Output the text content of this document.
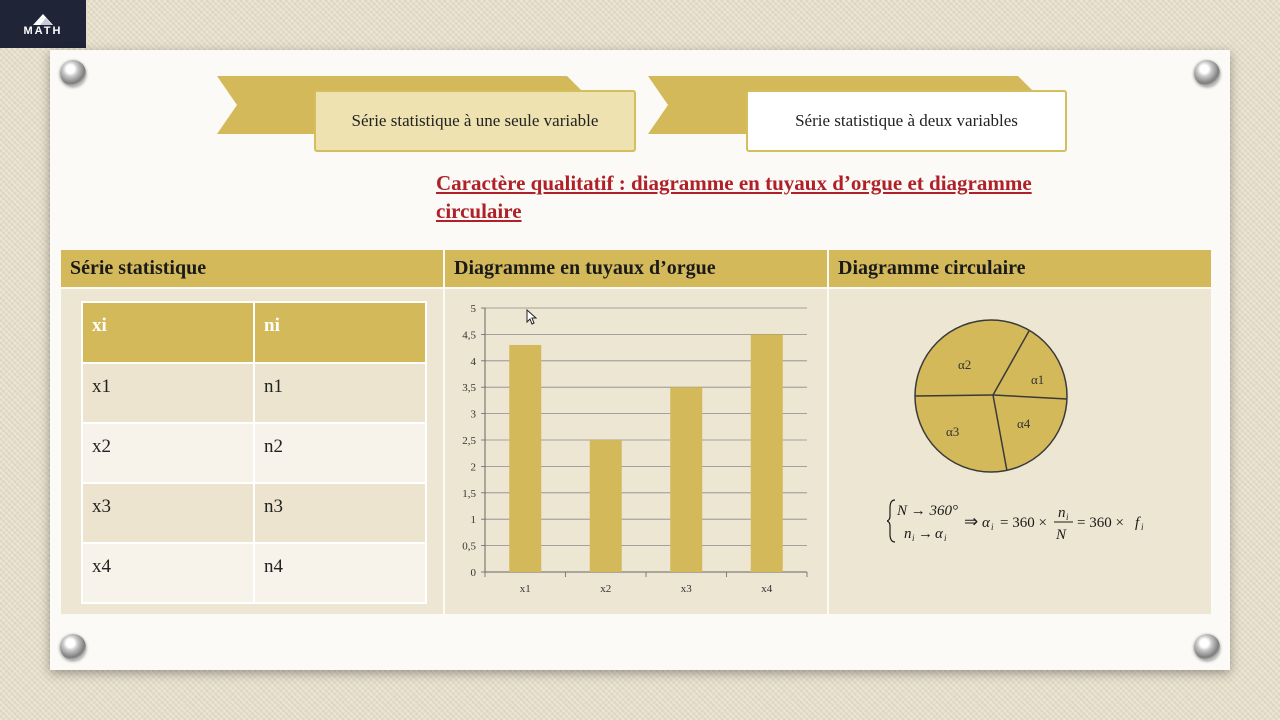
MATH
Série statistique à une seule variable	Série statistique à deux variables
Caractère qualitatif : diagramme en tuyaux d’orgue et diagramme circulaire
Série statistique	Diagramme en tuyaux d’orgue	Diagramme circulaire
xi	ni
x1	n1
x2	n2
x3	n3
x4	n4	0
0,5
1
1,5
2
2,5
3
3,5
4
4,5
5
x1	x2	x3	x4
α1
α2
α3
α4
N → 360°
n i → α i
⇒ α i = 360 ×
n i
N
= 360 × f i
